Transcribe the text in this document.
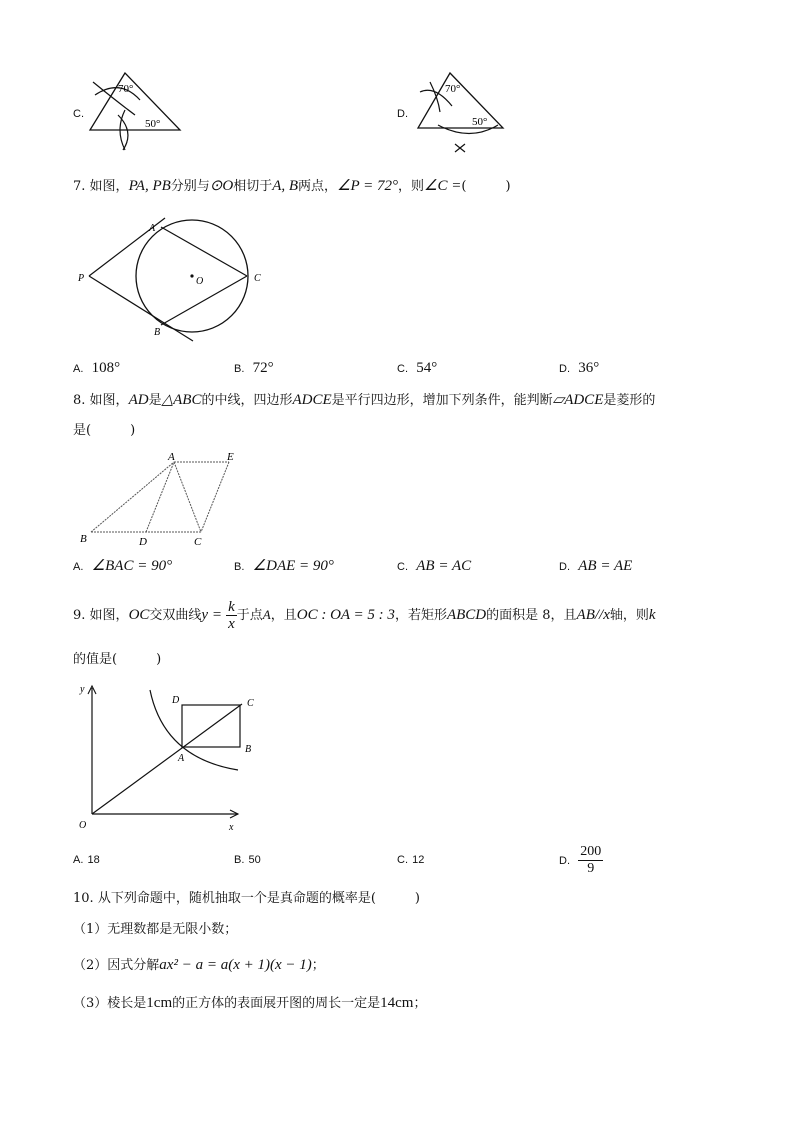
C.
70°
50°
D.
70°
50°
7. 如图，PA, PB分别与⊙O相切于A, B两点，∠P = 72°，则∠C =(　　　)
A
B
C
P	O
A. 108°	B. 72°	C. 54°	D. 36°
8. 如图，AD是△ABC的中线，四边形ADCE是平行四边形，增加下列条件，能判断▱ADCE是菱形的
是(　　　)
A	E
B	D	C
A. ∠BAC = 90°	B. ∠DAE = 90°	C. AB = AC	D. AB = AE
9. 如图，OC交双曲线$y = \frac{k}{x}$ 于点A，且OC : OA = 5 : 3，若矩形ABCD的面积是 8，且AB//x轴，则k
的值是(　　　)
y
x
O
A
B
C
D
A. 18	B. 50	C. 12	D. $\frac{200}{9}$
10. 从下列命题中，随机抽取一个是真命题的概率是(　　　)
（1）无理数都是无限小数；
（2）因式分解ax² − a = a(x + 1)(x − 1)；
（3）棱长是1cm的正方体的表面展开图的周长一定是14cm；
